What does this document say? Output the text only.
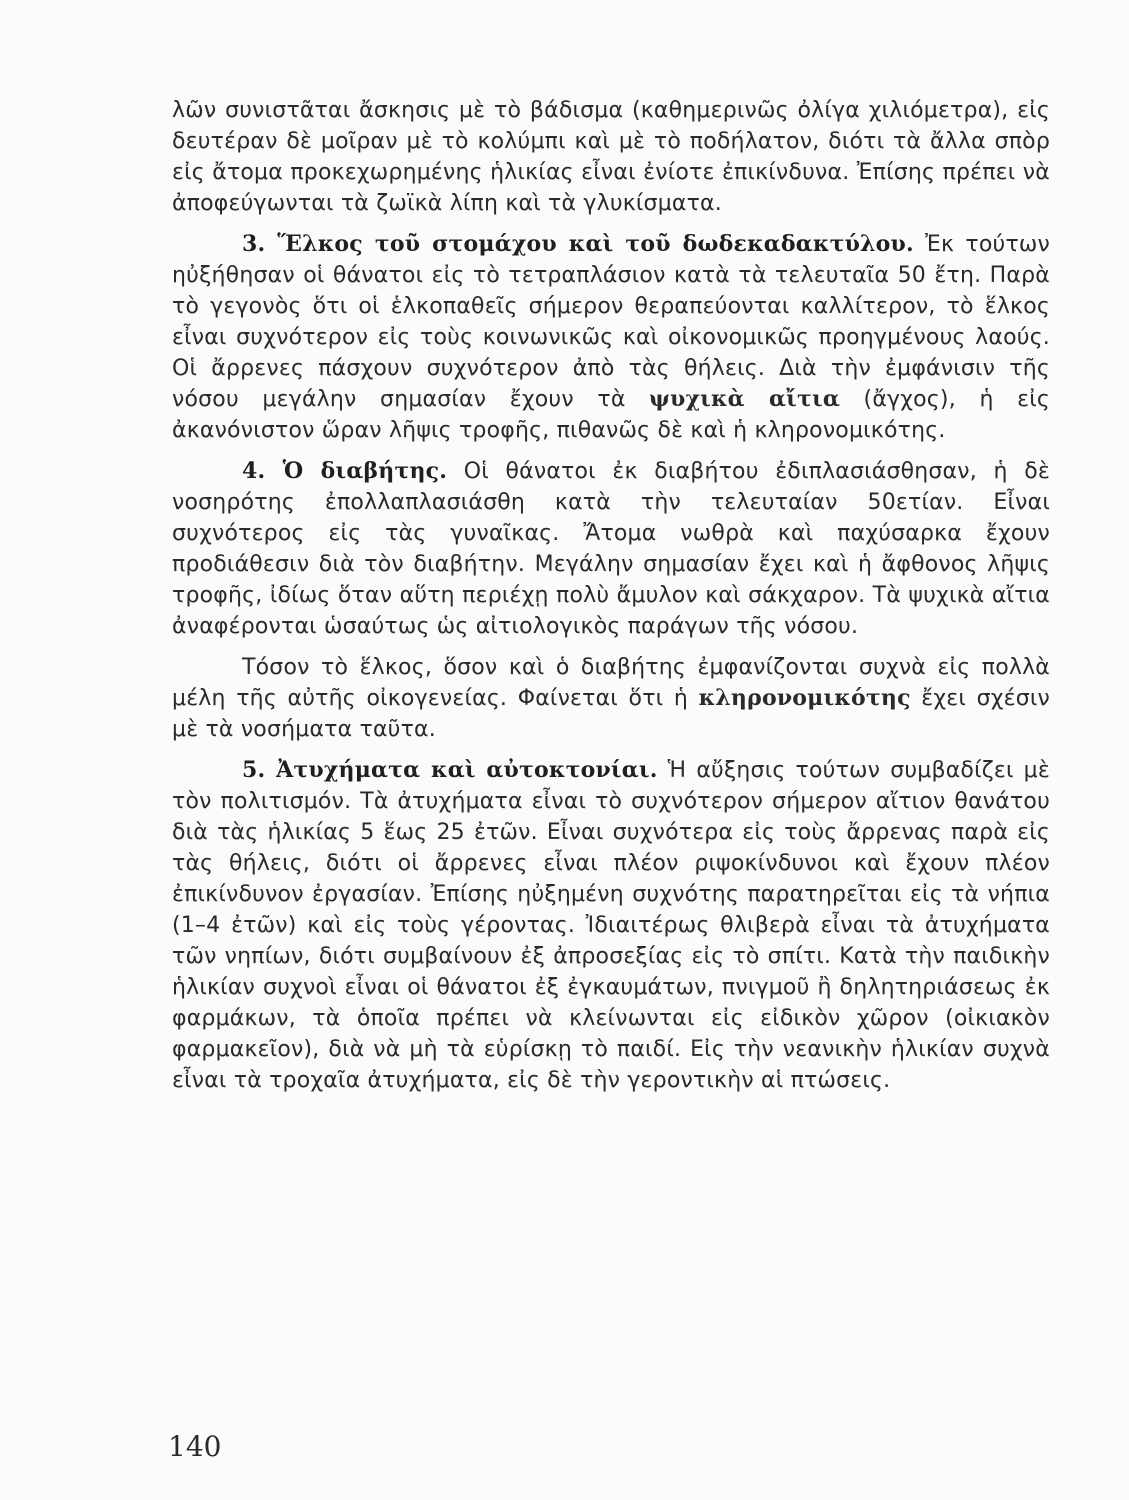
λῶν συνιστᾶται ἄσκησις μὲ τὸ βάδισμα (καθημερινῶς ὀλίγα χιλιόμετρα), εἰς δευτέραν δὲ μοῖραν μὲ τὸ κολύμπι καὶ μὲ τὸ ποδήλατον, διότι τὰ ἄλλα σπὸρ εἰς ἄτομα προκεχωρημένης ἡλικίας εἶναι ἐνίοτε ἐπικίνδυνα. Ἐπίσης πρέπει νὰ ἀποφεύγωνται τὰ ζωϊκὰ λίπη καὶ τὰ γλυκίσματα.

3. Ἕλκος τοῦ στομάχου καὶ τοῦ δωδεκαδακτύλου. Ἐκ τούτων ηὐξήθησαν οἱ θάνατοι εἰς τὸ τετραπλάσιον κατὰ τὰ τελευταῖα 50 ἔτη. Παρὰ τὸ γεγονὸς ὅτι οἱ ἑλκοπαθεῖς σήμερον θεραπεύονται καλλίτερον, τὸ ἕλκος εἶναι συχνότερον εἰς τοὺς κοινωνικῶς καὶ οἰκονομικῶς προηγμένους λαούς. Οἱ ἄρρενες πάσχουν συχνότερον ἀπὸ τὰς θήλεις. Διὰ τὴν ἐμφάνισιν τῆς νόσου μεγάλην σημασίαν ἔχουν τὰ ψυχικὰ αἴτια (ἄγχος), ἡ εἰς ἀκανόνιστον ὥραν λῆψις τροφῆς, πιθανῶς δὲ καὶ ἡ κληρονομικότης.

4. Ὁ διαβήτης. Οἱ θάνατοι ἐκ διαβήτου ἐδιπλασιάσθησαν, ἡ δὲ νοσηρότης ἐπολλαπλασιάσθη κατὰ τὴν τελευταίαν 50ετίαν. Εἶναι συχνότερος εἰς τὰς γυναῖκας. Ἄτομα νωθρὰ καὶ παχύσαρκα ἔχουν προδιάθεσιν διὰ τὸν διαβήτην. Μεγάλην σημασίαν ἔχει καὶ ἡ ἄφθονος λῆψις τροφῆς, ἰδίως ὅταν αὕτη περιέχῃ πολὺ ἄμυλον καὶ σάκχαρον. Τὰ ψυχικὰ αἴτια ἀναφέρονται ὡσαύτως ὡς αἰτιολογικὸς παράγων τῆς νόσου.

Τόσον τὸ ἕλκος, ὅσον καὶ ὁ διαβήτης ἐμφανίζονται συχνὰ εἰς πολλὰ μέλη τῆς αὐτῆς οἰκογενείας. Φαίνεται ὅτι ἡ κληρονομικότης ἔχει σχέσιν μὲ τὰ νοσήματα ταῦτα.

5. Ἀτυχήματα καὶ αὐτοκτονίαι. Ἡ αὔξησις τούτων συμβαδίζει μὲ τὸν πολιτισμόν. Τὰ ἀτυχήματα εἶναι τὸ συχνότερον σήμερον αἴτιον θανάτου διὰ τὰς ἡλικίας 5 ἕως 25 ἐτῶν. Εἶναι συχνότερα εἰς τοὺς ἄρρενας παρὰ εἰς τὰς θήλεις, διότι οἱ ἄρρενες εἶναι πλέον ριψοκίνδυνοι καὶ ἔχουν πλέον ἐπικίνδυνον ἐργασίαν. Ἐπίσης ηὐξημένη συχνότης παρατηρεῖται εἰς τὰ νήπια (1–4 ἐτῶν) καὶ εἰς τοὺς γέροντας. Ἰδιαιτέρως θλιβερὰ εἶναι τὰ ἀτυχήματα τῶν νηπίων, διότι συμβαίνουν ἐξ ἀπροσεξίας εἰς τὸ σπίτι. Κατὰ τὴν παιδικὴν ἡλικίαν συχνοὶ εἶναι οἱ θάνατοι ἐξ ἐγκαυμάτων, πνιγμοῦ ἢ δηλητηριάσεως ἐκ φαρμάκων, τὰ ὁποῖα πρέπει νὰ κλείνωνται εἰς εἰδικὸν χῶρον (οἰκιακὸν φαρμακεῖον), διὰ νὰ μὴ τὰ εὑρίσκῃ τὸ παιδί. Εἰς τὴν νεανικὴν ἡλικίαν συχνὰ εἶναι τὰ τροχαῖα ἀτυχήματα, εἰς δὲ τὴν γεροντικὴν αἱ πτώσεις.

140
